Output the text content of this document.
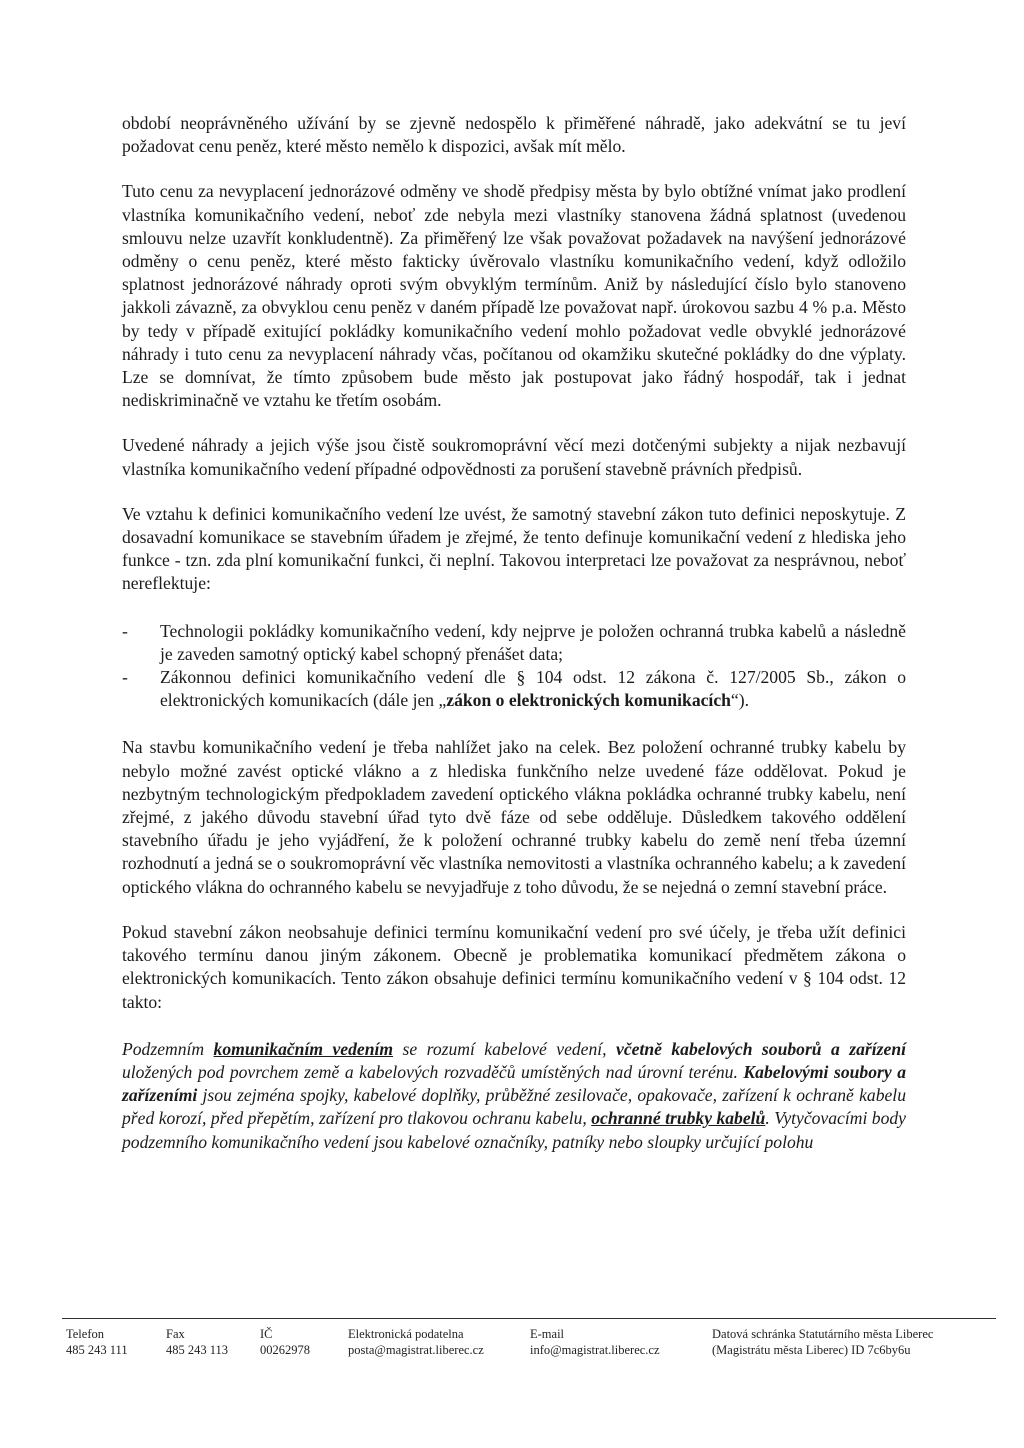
období neoprávněného užívání by se zjevně nedospělo k přiměřené náhradě, jako adekvátní se tu jeví požadovat cenu peněz, které město nemělo k dispozici, avšak mít mělo.

Tuto cenu za nevyplacení jednorázové odměny ve shodě předpisy města by bylo obtížné vnímat jako prodlení vlastníka komunikačního vedení, neboť zde nebyla mezi vlastníky stanovena žádná splatnost (uvedenou smlouvu nelze uzavřít konkludentně). Za přiměřený lze však považovat požadavek na navýšení jednorázové odměny o cenu peněz, které město fakticky úvěrovalo vlastníku komunikačního vedení, když odložilo splatnost jednorázové náhrady oproti svým obvyklým termínům. Aniž by následující číslo bylo stanoveno jakkoli závazně, za obvyklou cenu peněz v daném případě lze považovat např. úrokovou sazbu 4 % p.a. Město by tedy v případě exitující pokládky komunikačního vedení mohlo požadovat vedle obvyklé jednorázové náhrady i tuto cenu za nevyplacení náhrady včas, počítanou od okamžiku skutečné pokládky do dne výplaty. Lze se domnívat, že tímto způsobem bude město jak postupovat jako řádný hospodář, tak i jednat nediskriminačně ve vztahu ke třetím osobám.

Uvedené náhrady a jejich výše jsou čistě soukromoprávní věcí mezi dotčenými subjekty a nijak nezbavují vlastníka komunikačního vedení případné odpovědnosti za porušení stavebně právních předpisů.

Ve vztahu k definici komunikačního vedení lze uvést, že samotný stavební zákon tuto definici neposkytuje. Z dosavadní komunikace se stavebním úřadem je zřejmé, že tento definuje komunikační vedení z hlediska jeho funkce - tzn. zda plní komunikační funkci, či neplní. Takovou interpretaci lze považovat za nesprávnou, neboť nereflektuje:

-	Technologii pokládky komunikačního vedení, kdy nejprve je položen ochranná trubka kabelů a následně je zaveden samotný optický kabel schopný přenášet data;
-	Zákonnou definici komunikačního vedení dle § 104 odst. 12 zákona č. 127/2005 Sb., zákon o elektronických komunikacích (dále jen „zákon o elektronických komunikacích“).

Na stavbu komunikačního vedení je třeba nahlížet jako na celek. Bez položení ochranné trubky kabelu by nebylo možné zavést optické vlákno a z hlediska funkčního nelze uvedené fáze oddělovat. Pokud je nezbytným technologickým předpokladem zavedení optického vlákna pokládka ochranné trubky kabelu, není zřejmé, z jakého důvodu stavební úřad tyto dvě fáze od sebe odděluje. Důsledkem takového oddělení stavebního úřadu je jeho vyjádření, že k položení ochranné trubky kabelu do země není třeba územní rozhodnutí a jedná se o soukromoprávní věc vlastníka nemovitosti a vlastníka ochranného kabelu; a k zavedení optického vlákna do ochranného kabelu se nevyjadřuje z toho důvodu, že se nejedná o zemní stavební práce.

Pokud stavební zákon neobsahuje definici termínu komunikační vedení pro své účely, je třeba užít definici takového termínu danou jiným zákonem. Obecně je problematika komunikací předmětem zákona o elektronických komunikacích. Tento zákon obsahuje definici termínu komunikačního vedení v § 104 odst. 12 takto:

Podzemním komunikačním vedením se rozumí kabelové vedení, včetně kabelových souborů a zařízení uložených pod povrchem země a kabelových rozvaděčů umístěných nad úrovní terénu. Kabelovými soubory a zařízeními jsou zejména spojky, kabelové doplňky, průběžné zesilovače, opakovače, zařízení k ochraně kabelu před korozí, před přepětím, zařízení pro tlakovou ochranu kabelu, ochranné trubky kabelů. Vytyčovacími body podzemního komunikačního vedení jsou kabelové označníky, patníky nebo sloupky určující polohu

Telefon
485 243 111
Fax
485 243 113
IČ
00262978
Elektronická podatelna
posta@magistrat.liberec.cz
E-mail
info@magistrat.liberec.cz
Datová schránka Statutárního města Liberec
(Magistrátu města Liberec) ID 7c6by6u
